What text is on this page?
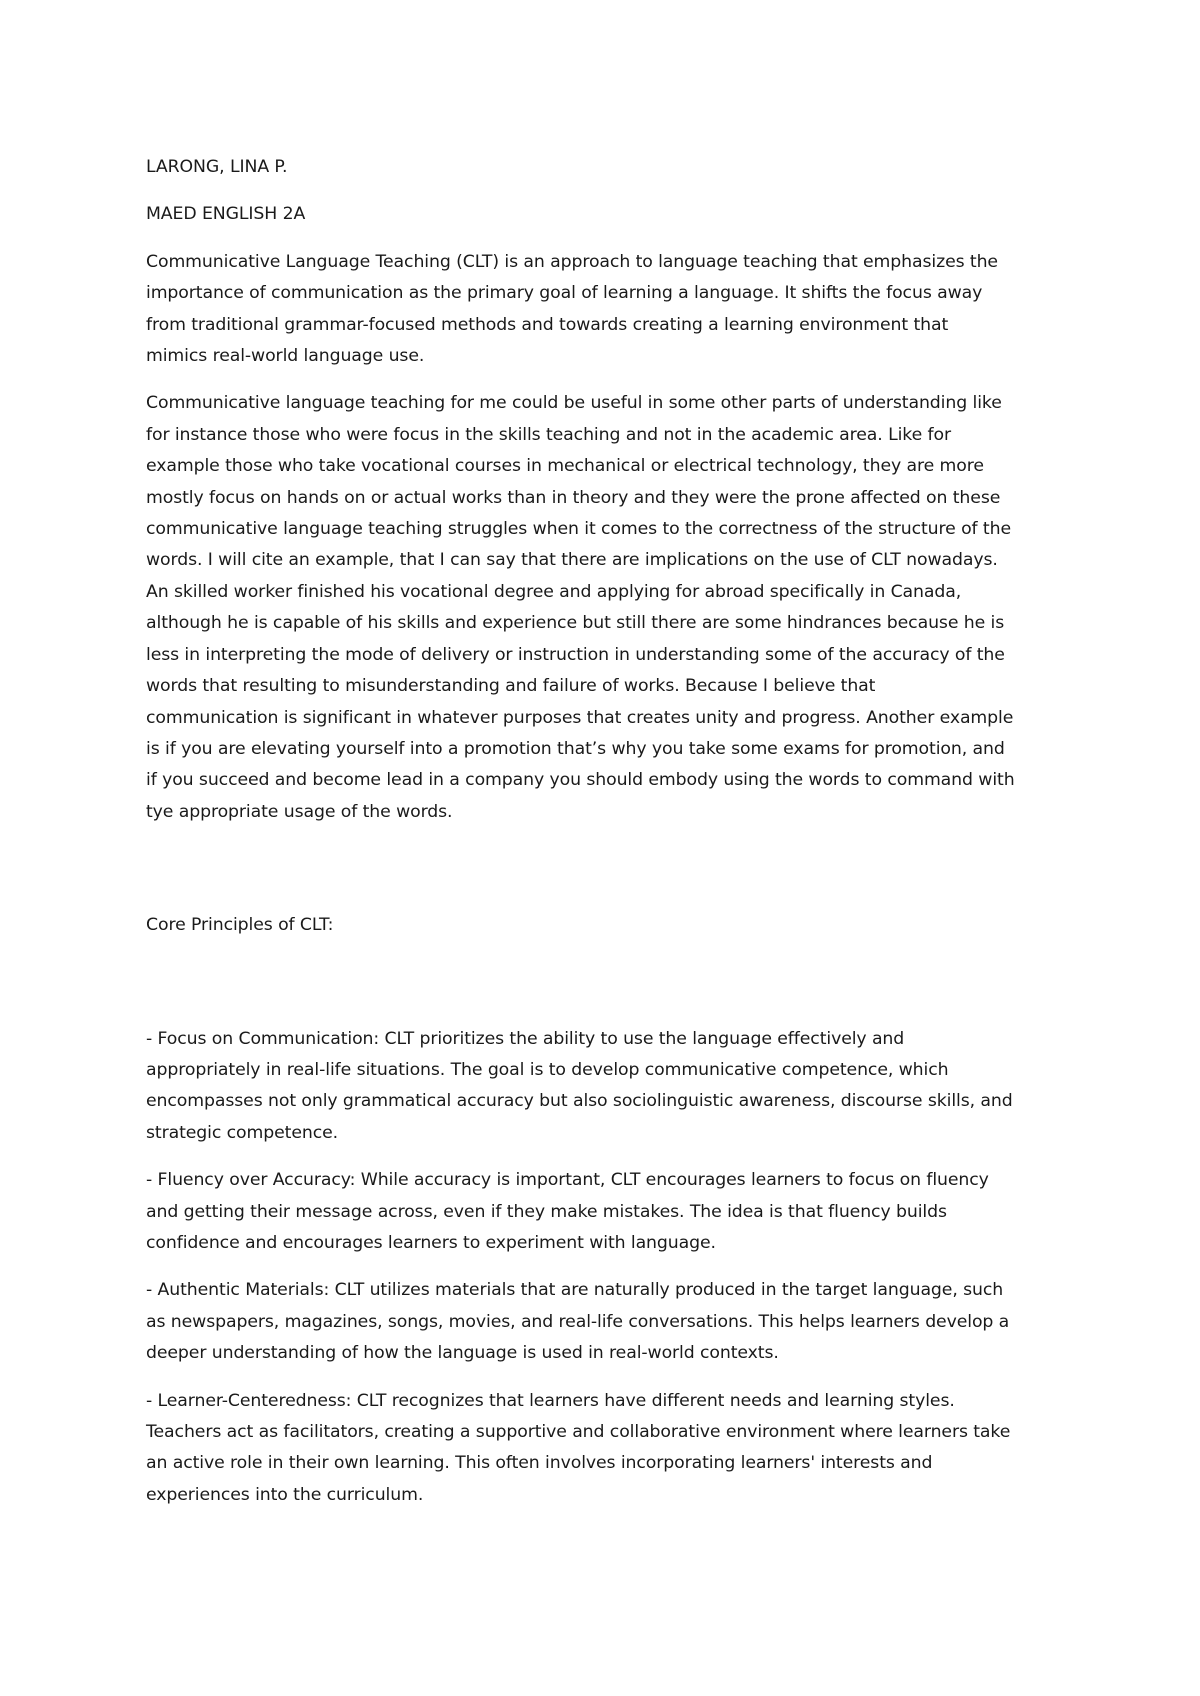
LARONG, LINA P.

MAED ENGLISH 2A

Communicative Language Teaching (CLT) is an approach to language teaching that emphasizes the
importance of communication as the primary goal of learning a language. It shifts the focus away
from traditional grammar-focused methods and towards creating a learning environment that
mimics real-world language use.

Communicative language teaching for me could be useful in some other parts of understanding like
for instance those who were focus in the skills teaching and not in the academic area. Like for
example those who take vocational courses in mechanical or electrical technology, they are more
mostly focus on hands on or actual works than in theory and they were the prone affected on these
communicative language teaching struggles when it comes to the correctness of the structure of the
words. I will cite an example, that I can say that there are implications on the use of CLT nowadays.
An skilled worker finished his vocational degree and applying for abroad specifically in Canada,
although he is capable of his skills and experience but still there are some hindrances because he is
less in interpreting the mode of delivery or instruction in understanding some of the accuracy of the
words that resulting to misunderstanding and failure of works. Because I believe that
communication is significant in whatever purposes that creates unity and progress. Another example
is if you are elevating yourself into a promotion that’s why you take some exams for promotion, and
if you succeed and become lead in a company you should embody using the words to command with
tye appropriate usage of the words.

Core Principles of CLT:

- Focus on Communication: CLT prioritizes the ability to use the language effectively and
appropriately in real-life situations. The goal is to develop communicative competence, which
encompasses not only grammatical accuracy but also sociolinguistic awareness, discourse skills, and
strategic competence.

- Fluency over Accuracy: While accuracy is important, CLT encourages learners to focus on fluency
and getting their message across, even if they make mistakes. The idea is that fluency builds
confidence and encourages learners to experiment with language.

- Authentic Materials: CLT utilizes materials that are naturally produced in the target language, such
as newspapers, magazines, songs, movies, and real-life conversations. This helps learners develop a
deeper understanding of how the language is used in real-world contexts.

- Learner-Centeredness: CLT recognizes that learners have different needs and learning styles.
Teachers act as facilitators, creating a supportive and collaborative environment where learners take
an active role in their own learning. This often involves incorporating learners' interests and
experiences into the curriculum.
